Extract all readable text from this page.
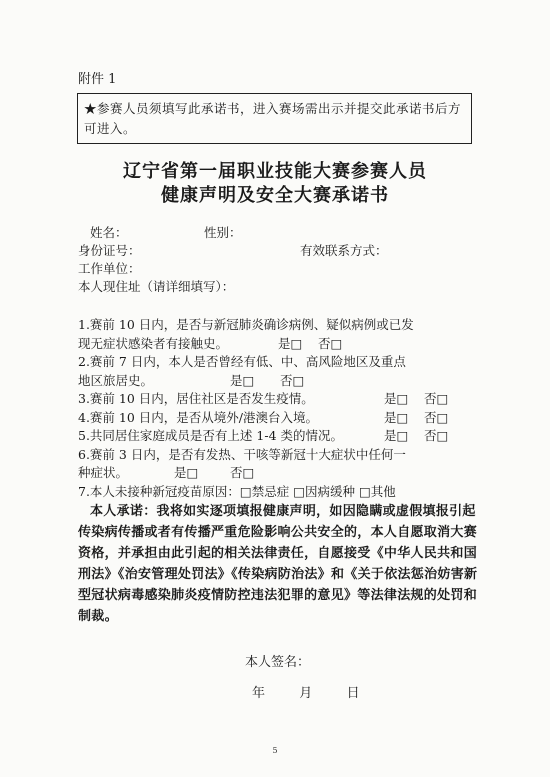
附件 1
★参赛人员须填写此承诺书，进入赛场需出示并提交此承诺书后方可进入。
辽宁省第一届职业技能大赛参赛人员
健康声明及安全大赛承诺书
姓名：	性别：
身份证号：	有效联系方式：
工作单位：
本人现住址（请详细填写）：
1.赛前 10 日内，是否与新冠肺炎确诊病例、疑似病例或已发
现无症状感染者有接触史。	是□ 否□
2.赛前 7 日内，本人是否曾经有低、中、高风险地区及重点
地区旅居史。	是□ 否□
3.赛前 10 日内，居住社区是否发生疫情。	是□ 否□
4.赛前 10 日内，是否从境外/港澳台入境。	是□ 否□
5.共同居住家庭成员是否有上述 1-4 类的情况。	是□ 否□
6.赛前 3 日内，是否有发热、干咳等新冠十大症状中任何一
种症状。	是□	否□
7.本人未接种新冠疫苗原因：□禁忌症 □因病缓种 □其他
本人承诺：我将如实逐项填报健康声明，如因隐瞒或虚假填报引起传染病传播或者有传播严重危险影响公共安全的，本人自愿取消大赛资格，并承担由此引起的相关法律责任，自愿接受《中华人民共和国刑法》《治安管理处罚法》《传染病防治法》和《关于依法惩治妨害新型冠状病毒感染肺炎疫情防控违法犯罪的意见》等法律法规的处罚和制裁。
本人签名：
年	月	日
5
